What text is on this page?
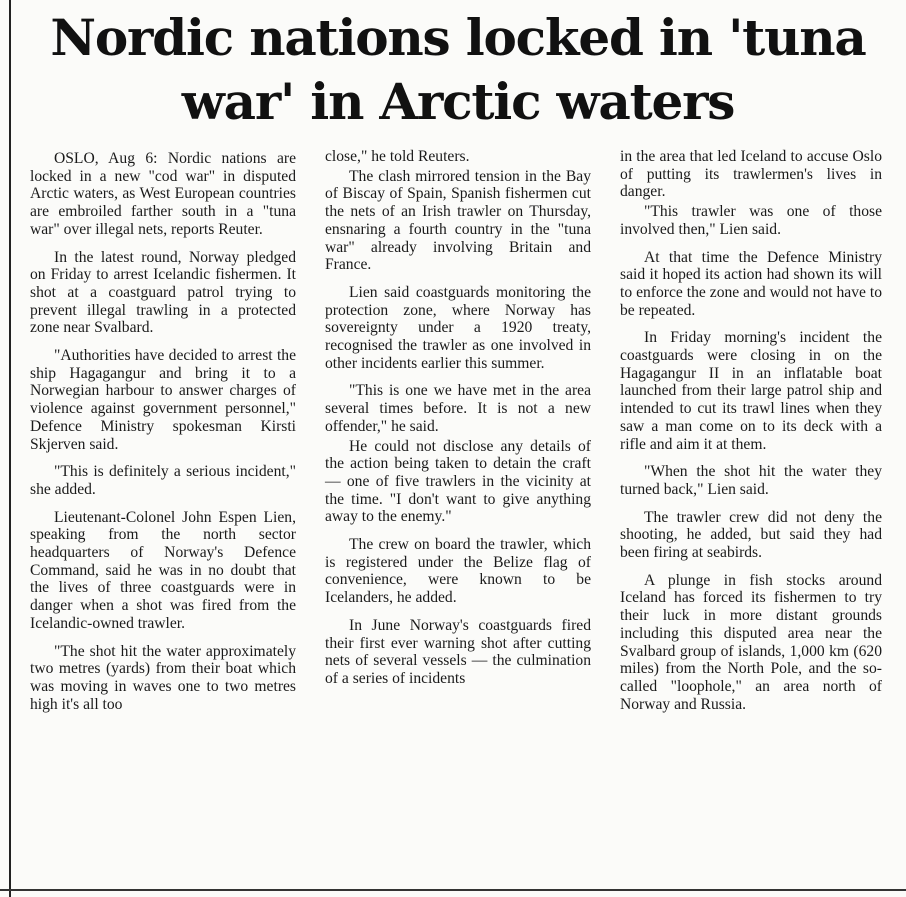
Nordic nations locked in 'tuna
war' in Arctic waters

OSLO, Aug 6: Nordic nations are locked in a new "cod war" in disputed Arctic waters, as West European countries are embroiled farther south in a "tuna war" over illegal nets, reports Reuter.

In the latest round, Norway pledged on Friday to arrest Icelandic fishermen. It shot at a coastguard patrol trying to prevent illegal trawling in a protected zone near Svalbard.

"Authorities have decided to arrest the ship Hagagangur and bring it to a Norwegian harbour to answer charges of violence against government personnel," Defence Ministry spokesman Kirsti Skjerven said.

"This is definitely a serious incident," she added.

Lieutenant-Colonel John Espen Lien, speaking from the north sector headquarters of Norway's Defence Command, said he was in no doubt that the lives of three coastguards were in danger when a shot was fired from the Icelandic-owned trawler.

"The shot hit the water approximately two metres (yards) from their boat which was moving in waves one to two metres high it's all too

close," he told Reuters.

The clash mirrored tension in the Bay of Biscay of Spain, Spanish fishermen cut the nets of an Irish trawler on Thursday, ensnaring a fourth country in the "tuna war" already involving Britain and France.

Lien said coastguards monitoring the protection zone, where Norway has sovereignty under a 1920 treaty, recognised the trawler as one involved in other incidents earlier this summer.

"This is one we have met in the area several times before. It is not a new offender," he said.

He could not disclose any details of the action being taken to detain the craft — one of five trawlers in the vicinity at the time. "I don't want to give anything away to the enemy."

The crew on board the trawler, which is registered under the Belize flag of convenience, were known to be Icelanders, he added.

In June Norway's coastguards fired their first ever warning shot after cutting nets of several vessels — the culmination of a series of incidents

in the area that led Iceland to accuse Oslo of putting its trawlermen's lives in danger.

"This trawler was one of those involved then," Lien said.

At that time the Defence Ministry said it hoped its action had shown its will to enforce the zone and would not have to be repeated.

In Friday morning's incident the coastguards were closing in on the Hagagangur II in an inflatable boat launched from their large patrol ship and intended to cut its trawl lines when they saw a man come on to its deck with a rifle and aim it at them.

"When the shot hit the water they turned back," Lien said.

The trawler crew did not deny the shooting, he added, but said they had been firing at seabirds.

A plunge in fish stocks around Iceland has forced its fishermen to try their luck in more distant grounds including this disputed area near the Svalbard group of islands, 1,000 km (620 miles) from the North Pole, and the so-called "loophole," an area north of Norway and Russia.
